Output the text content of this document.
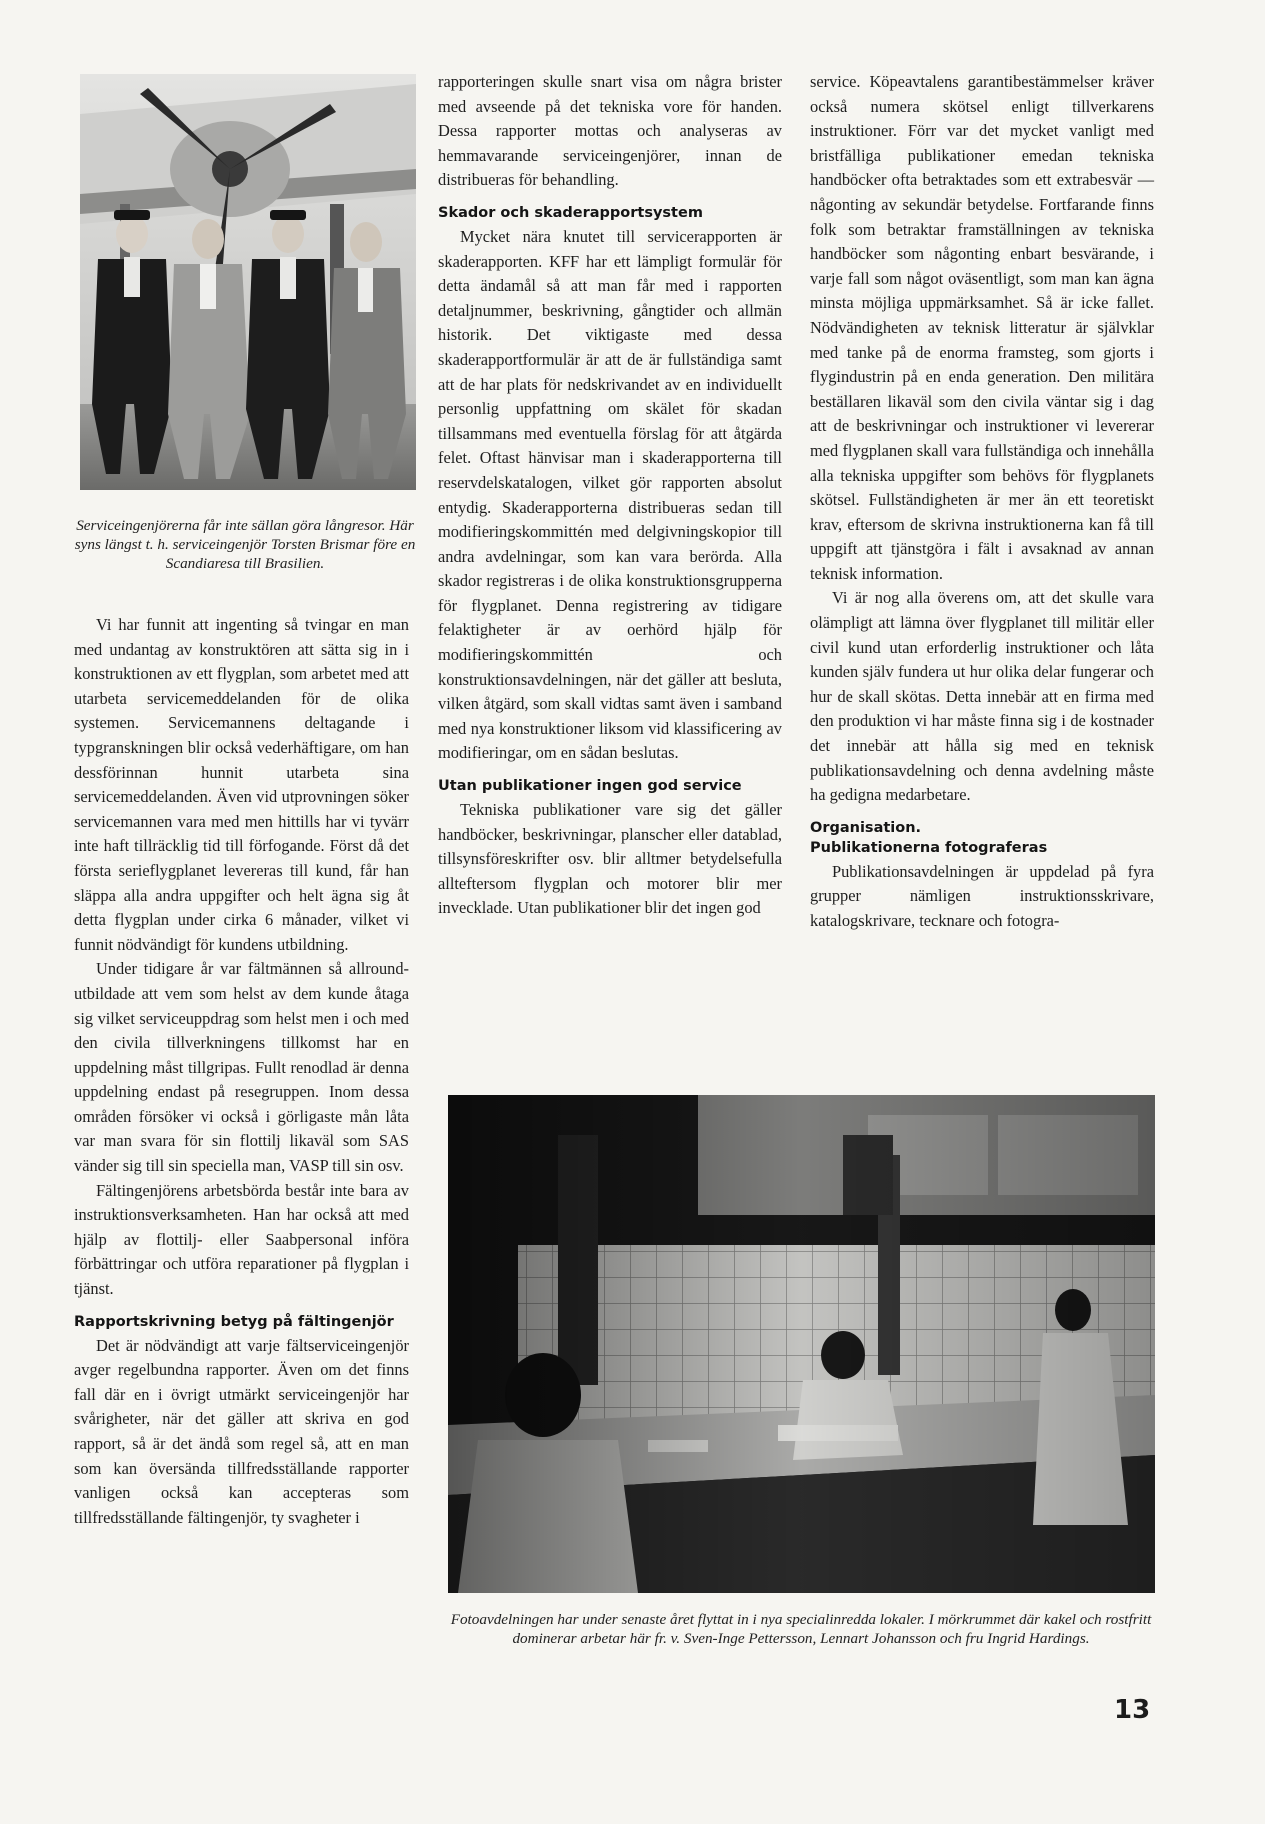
Serviceingenjörerna får inte sällan göra långresor. Här syns längst t. h. serviceingenjör Torsten Brismar före en Scandiaresa till Brasilien.

Vi har funnit att ingenting så tvingar en man med undantag av konstruktören att sätta sig in i konstruktionen av ett flygplan, som arbetet med att utarbeta servicemeddelanden för de olika systemen. Servicemannens deltagande i typgranskningen blir också vederhäftigare, om han dessförinnan hunnit utarbeta sina servicemeddelanden. Även vid utprovningen söker servicemannen vara med men hittills har vi tyvärr inte haft tillräcklig tid till förfogande. Först då det första serieflygplanet levereras till kund, får han släppa alla andra uppgifter och helt ägna sig åt detta flygplan under cirka 6 månader, vilket vi funnit nödvändigt för kundens utbildning.

Under tidigare år var fältmännen så allround-utbildade att vem som helst av dem kunde åtaga sig vilket serviceuppdrag som helst men i och med den civila tillverkningens tillkomst har en uppdelning måst tillgripas. Fullt renodlad är denna uppdelning endast på resegruppen. Inom dessa områden försöker vi också i görligaste mån låta var man svara för sin flottilj likaväl som SAS vänder sig till sin speciella man, VASP till sin osv.

Fältingenjörens arbetsbörda består inte bara av instruktionsverksamheten. Han har också att med hjälp av flottilj- eller Saabpersonal införa förbättringar och utföra reparationer på flygplan i tjänst.

Rapportskrivning betyg på fältingenjör

Det är nödvändigt att varje fältserviceingenjör avger regelbundna rapporter. Även om det finns fall där en i övrigt utmärkt serviceingenjör har svårigheter, när det gäller att skriva en god rapport, så är det ändå som regel så, att en man som kan översända tillfredsställande rapporter vanligen också kan accepteras som tillfredsställande fältingenjör, ty svagheter i

rapporteringen skulle snart visa om några brister med avseende på det tekniska vore för handen. Dessa rapporter mottas och analyseras av hemmavarande serviceingenjörer, innan de distribueras för behandling.

Skador och skaderapportsystem

Mycket nära knutet till servicerapporten är skaderapporten. KFF har ett lämpligt formulär för detta ändamål så att man får med i rapporten detaljnummer, beskrivning, gångtider och allmän historik. Det viktigaste med dessa skaderapportformulär är att de är fullständiga samt att de har plats för nedskrivandet av en individuellt personlig uppfattning om skälet för skadan tillsammans med eventuella förslag för att åtgärda felet. Oftast hänvisar man i skaderapporterna till reservdelskatalogen, vilket gör rapporten absolut entydig. Skaderapporterna distribueras sedan till modifieringskommittén med delgivningskopior till andra avdelningar, som kan vara berörda. Alla skador registreras i de olika konstruktionsgrupperna för flygplanet. Denna registrering av tidigare felaktigheter är av oerhörd hjälp för modifieringskommittén och konstruktionsavdelningen, när det gäller att besluta, vilken åtgärd, som skall vidtas samt även i samband med nya konstruktioner liksom vid klassificering av modifieringar, om en sådan beslutas.

Utan publikationer ingen god service

Tekniska publikationer vare sig det gäller handböcker, beskrivningar, planscher eller datablad, tillsynsföreskrifter osv. blir alltmer betydelsefulla allteftersom flygplan och motorer blir mer invecklade. Utan publikationer blir det ingen god

service. Köpeavtalens garantibestämmelser kräver också numera skötsel enligt tillverkarens instruktioner. Förr var det mycket vanligt med bristfälliga publikationer emedan tekniska handböcker ofta betraktades som ett extrabesvär — någonting av sekundär betydelse. Fortfarande finns folk som betraktar framställningen av tekniska handböcker som någonting enbart besvärande, i varje fall som något oväsentligt, som man kan ägna minsta möjliga uppmärksamhet. Så är icke fallet. Nödvändigheten av teknisk litteratur är självklar med tanke på de enorma framsteg, som gjorts i flygindustrin på en enda generation. Den militära beställaren likaväl som den civila väntar sig i dag att de beskrivningar och instruktioner vi levererar med flygplanen skall vara fullständiga och innehålla alla tekniska uppgifter som behövs för flygplanets skötsel. Fullständigheten är mer än ett teoretiskt krav, eftersom de skrivna instruktionerna kan få till uppgift att tjänstgöra i fält i avsaknad av annan teknisk information.

Vi är nog alla överens om, att det skulle vara olämpligt att lämna över flygplanet till militär eller civil kund utan erforderlig instruktioner och låta kunden själv fundera ut hur olika delar fungerar och hur de skall skötas. Detta innebär att en firma med den produktion vi har måste finna sig i de kostnader det innebär att hålla sig med en teknisk publikationsavdelning och denna avdelning måste ha gedigna medarbetare.

Organisation.
Publikationerna fotograferas

Publikationsavdelningen är uppdelad på fyra grupper nämligen instruktionsskrivare, katalogskrivare, tecknare och fotogra-

Fotoavdelningen har under senaste året flyttat in i nya specialinredda lokaler. I mörkrummet där kakel och rostfritt dominerar arbetar här fr. v. Sven-Inge Pettersson, Lennart Johansson och fru Ingrid Hardings.
13
